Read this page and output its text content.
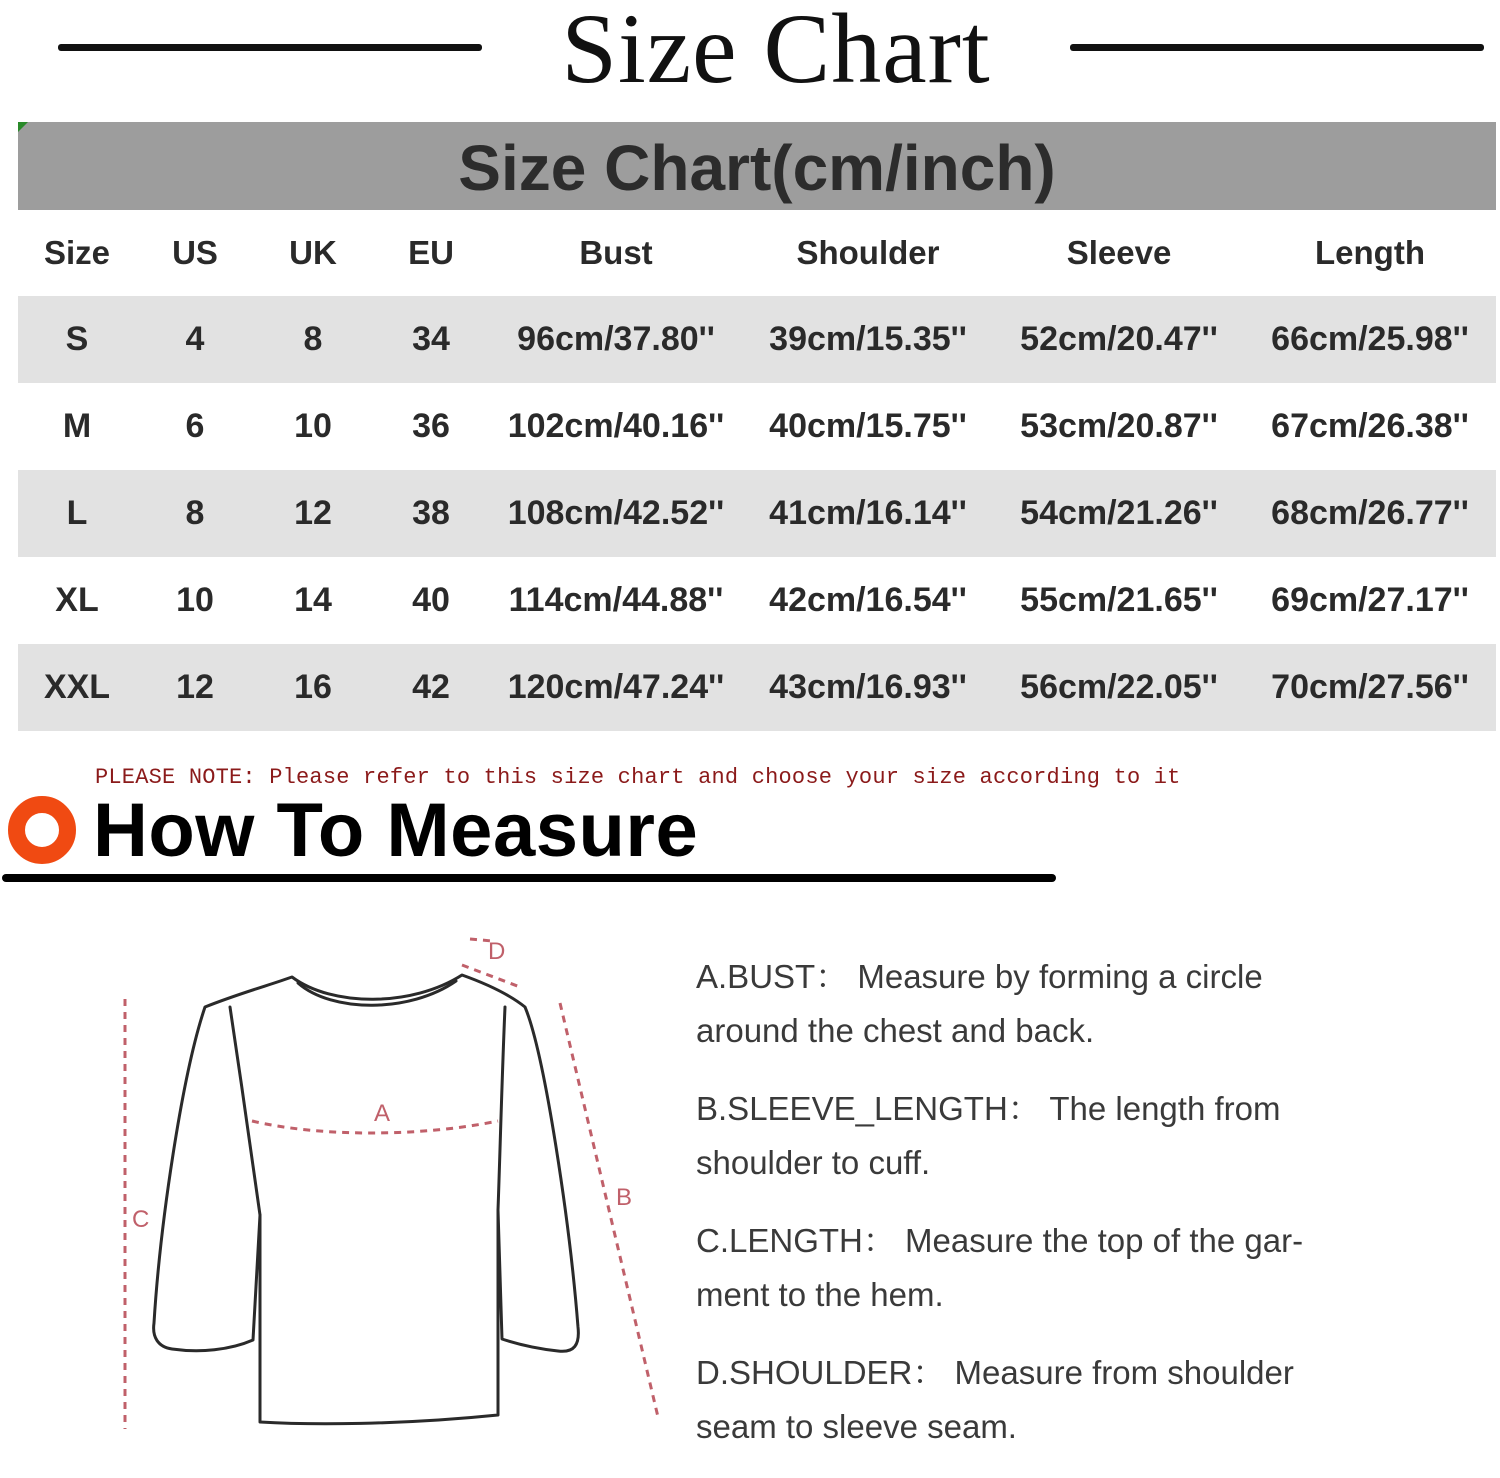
Size Chart
Size Chart(cm/inch)
Size	US	UK	EU	Bust	Shoulder	Sleeve	Length
S	4	8	34	96cm/37.80''	39cm/15.35''	52cm/20.47''	66cm/25.98''
M	6	10	36	102cm/40.16''	40cm/15.75''	53cm/20.87''	67cm/26.38''
L	8	12	38	108cm/42.52''	41cm/16.14''	54cm/21.26''	68cm/26.77''
XL	10	14	40	114cm/44.88''	42cm/16.54''	55cm/21.65''	69cm/27.17''
XXL	12	16	42	120cm/47.24''	43cm/16.93''	56cm/22.05''	70cm/27.56''
PLEASE NOTE: Please refer to this size chart and choose your size according to it
How To Measure
A
B
C
D

A.BUST： Measure by forming a circle
around the chest and back.

B.SLEEVE_LENGTH： The length from
shoulder to cuff.

C.LENGTH： Measure the top of the gar-
ment to the hem.

D.SHOULDER： Measure from shoulder
seam to sleeve seam.
